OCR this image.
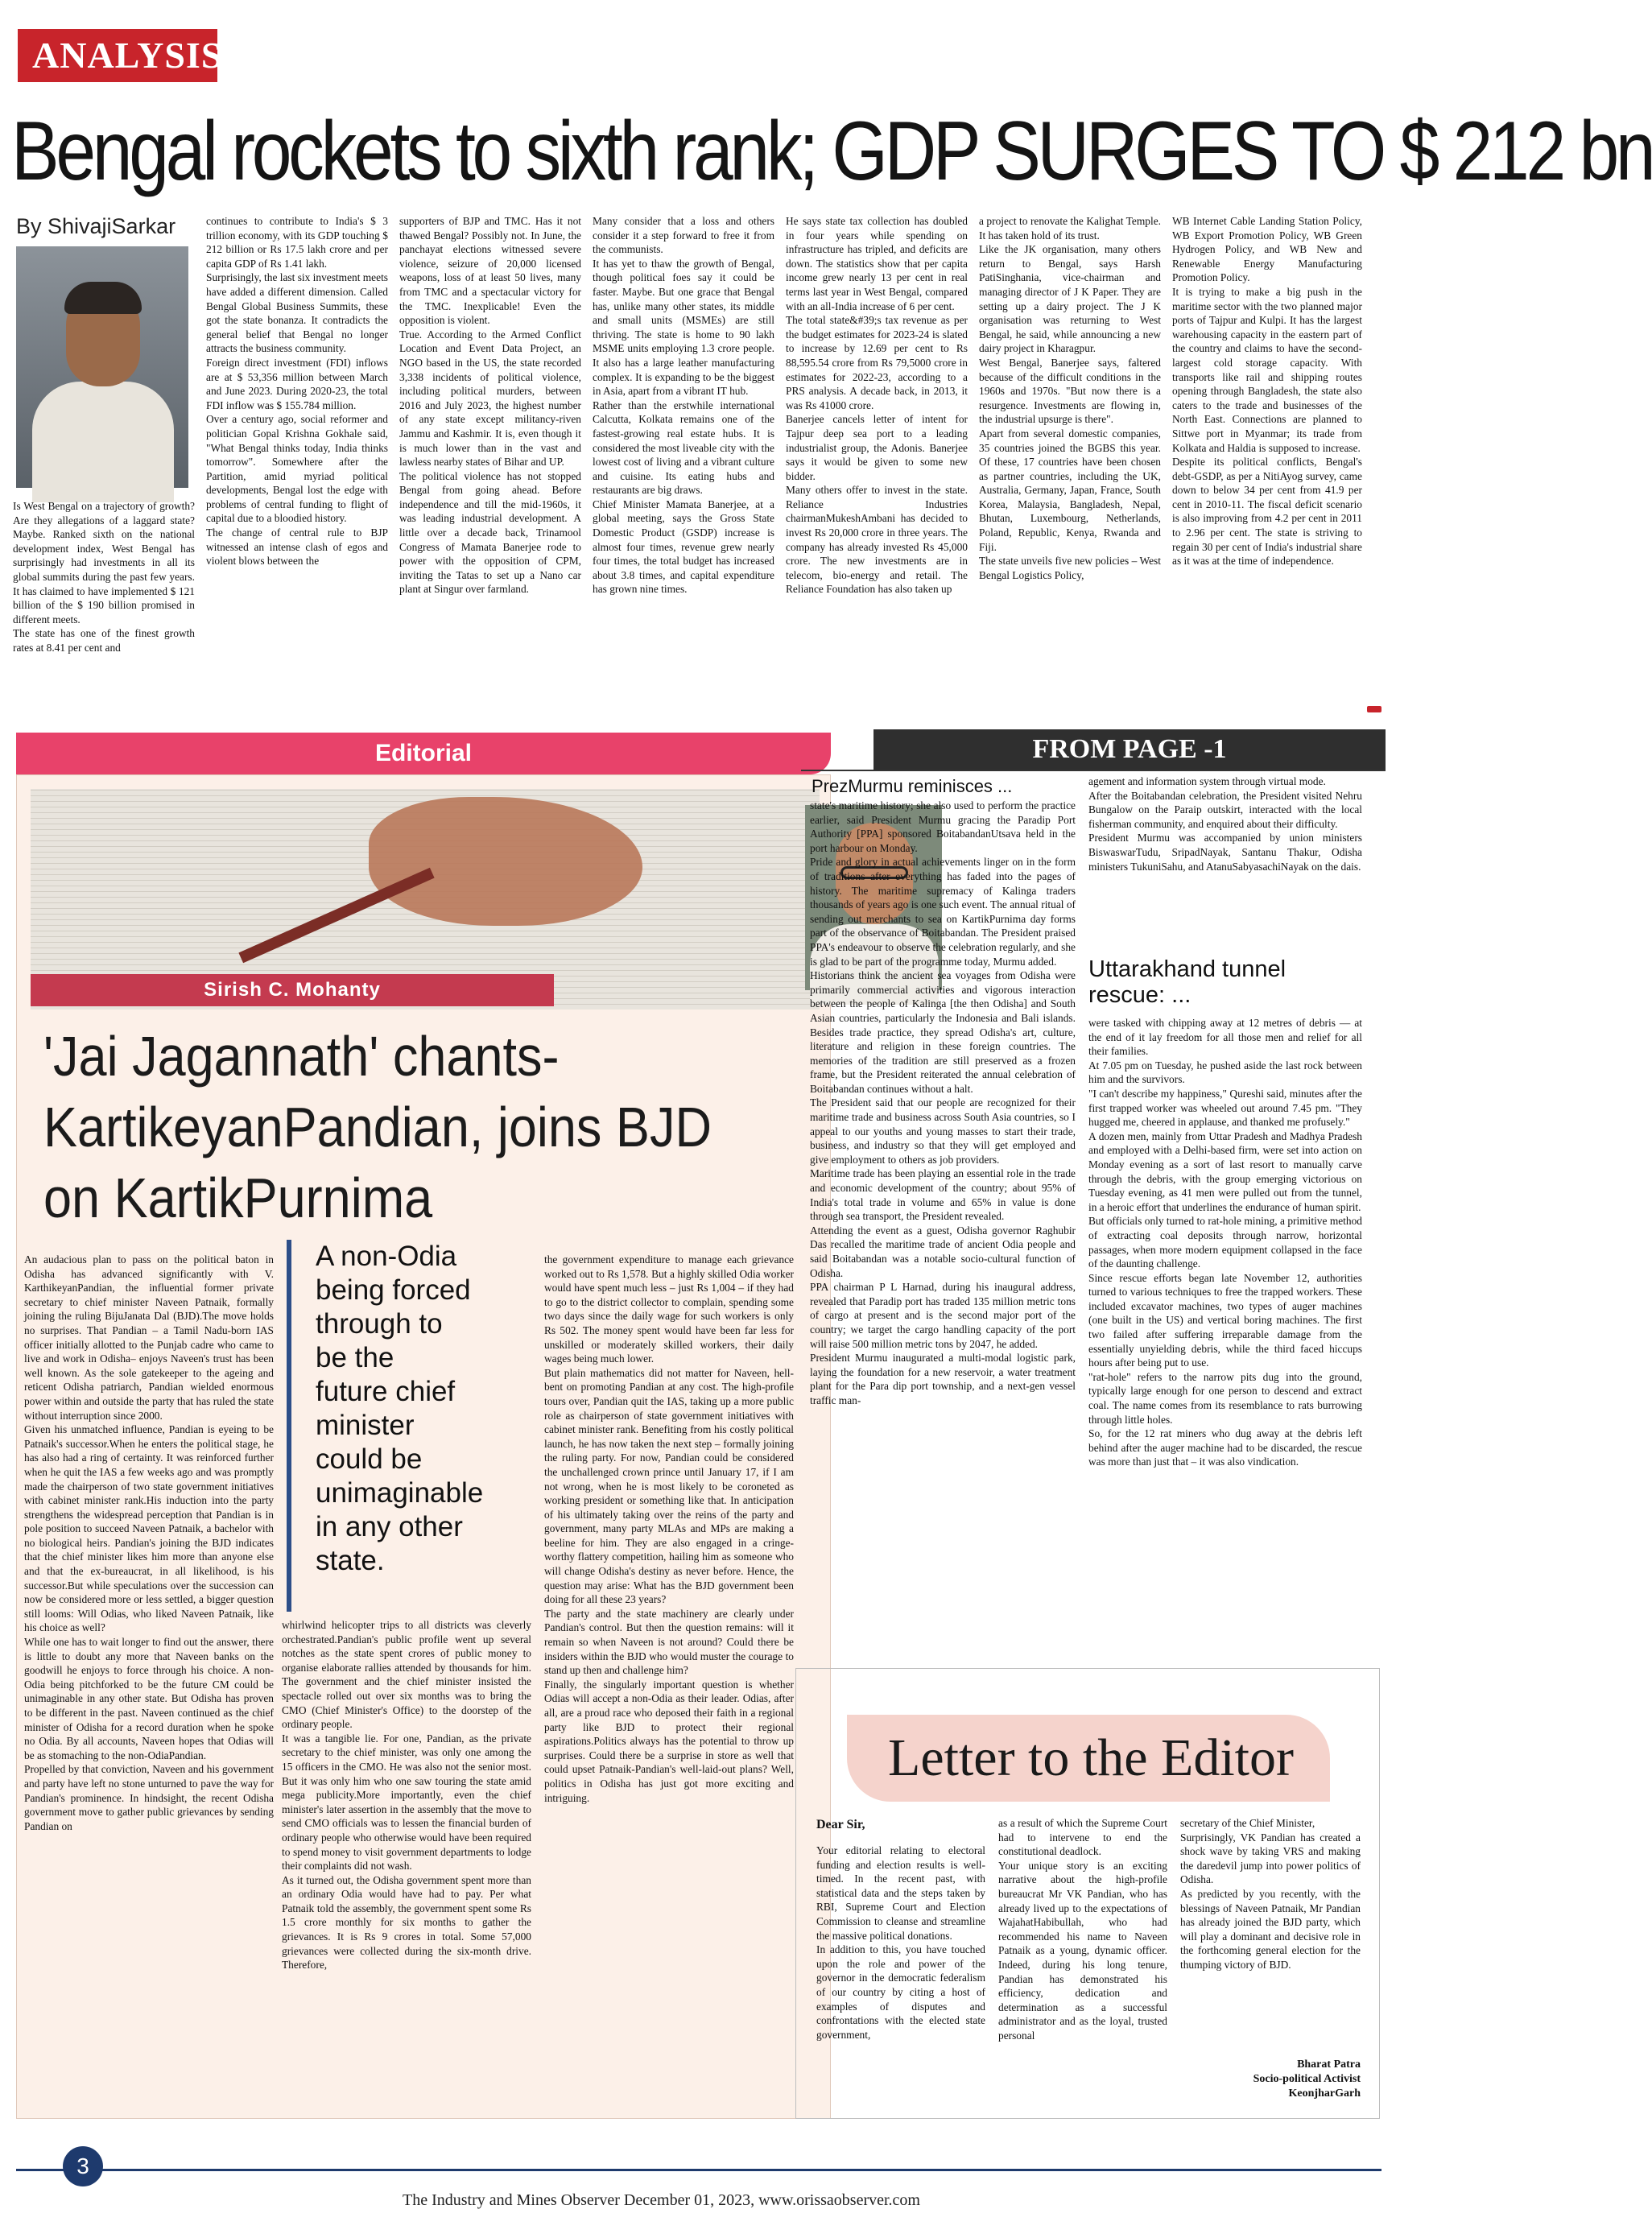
ANALYSIS
Bengal rockets to sixth rank; GDP SURGES TO $ 212 bn
By ShivajiSarkar

Is West Bengal on a trajectory of growth? Are they allegations of a laggard state? Maybe. Ranked sixth on the national development index, West Bengal has surprisingly had investments in all its global summits during the past few years. It has claimed to have implemented $ 121 billion of the $ 190 billion promised in different meets.
The state has one of the finest growth rates at 8.41 per cent and

continues to contribute to India's $ 3 trillion economy, with its GDP touching $ 212 billion or Rs 17.5 lakh crore and per capita GDP of Rs 1.41 lakh.
Surprisingly, the last six investment meets have added a different dimension. Called Bengal Global Business Summits, these got the state bonanza. It contradicts the general belief that Bengal no longer attracts the business community.
Foreign direct investment (FDI) inflows are at $ 53,356 million between March and June 2023. During 2020-23, the total FDI inflow was $ 155.784 million.
Over a century ago, social reformer and politician Gopal Krishna Gokhale said, "What Bengal thinks today, India thinks tomorrow". Somewhere after the Partition, amid myriad political developments, Bengal lost the edge with problems of central funding to flight of capital due to a bloodied history.
The change of central rule to BJP witnessed an intense clash of egos and violent blows between the

supporters of BJP and TMC. Has it not thawed Bengal? Possibly not. In June, the panchayat elections witnessed severe violence, seizure of 20,000 licensed weapons, loss of at least 50 lives, many from TMC and a spectacular victory for the TMC. Inexplicable! Even the opposition is violent.
True. According to the Armed Conflict Location and Event Data Project, an NGO based in the US, the state recorded 3,338 incidents of political violence, including political murders, between 2016 and July 2023, the highest number of any state except militancy-riven Jammu and Kashmir. It is, even though it is much lower than in the vast and lawless nearby states of Bihar and UP.
The political violence has not stopped Bengal from going ahead. Before independence and till the mid-1960s, it was leading industrial development. A little over a decade back, Trinamool Congress of Mamata Banerjee rode to power with the opposition of CPM, inviting the Tatas to set up a Nano car plant at Singur over farmland.

Many consider that a loss and others consider it a step forward to free it from the communists.
It has yet to thaw the growth of Bengal, though political foes say it could be faster. Maybe. But one grace that Bengal has, unlike many other states, its middle and small units (MSMEs) are still thriving. The state is home to 90 lakh MSME units employing 1.3 crore people. It also has a large leather manufacturing complex. It is expanding to be the biggest in Asia, apart from a vibrant IT hub.
Rather than the erstwhile international Calcutta, Kolkata remains one of the fastest-growing real estate hubs. It is considered the most liveable city with the lowest cost of living and a vibrant culture and cuisine. Its eating hubs and restaurants are big draws.
Chief Minister Mamata Banerjee, at a global meeting, says the Gross State Domestic Product (GSDP) increase is almost four times, revenue grew nearly four times, the total budget has increased about 3.8 times, and capital expenditure has grown nine times.

He says state tax collection has doubled in four years while spending on infrastructure has tripled, and deficits are down. The statistics show that per capita income grew nearly 13 per cent in real terms last year in West Bengal, compared with an all-India increase of 6 per cent.
The total state&#39;s tax revenue as per the budget estimates for 2023-24 is slated to increase by 12.69 per cent to Rs 88,595.54 crore from Rs 79,5000 crore in estimates for 2022-23, according to a PRS analysis. A decade back, in 2013, it was Rs 41000 crore.
Banerjee cancels letter of intent for Tajpur deep sea port to a leading industrialist group, the Adonis. Banerjee says it would be given to some new bidder.
Many others offer to invest in the state. Reliance Industries chairmanMukeshAmbani has decided to invest Rs 20,000 crore in three years. The company has already invested Rs 45,000 crore. The new investments are in telecom, bio-energy and retail. The Reliance Foundation has also taken up

a project to renovate the Kalighat Temple. It has taken hold of its trust.
Like the JK organisation, many others return to Bengal, says Harsh PatiSinghania, vice-chairman and managing director of J K Paper. They are setting up a dairy project. The J K organisation was returning to West Bengal, he said, while announcing a new dairy project in Kharagpur.
West Bengal, Banerjee says, faltered because of the difficult conditions in the 1960s and 1970s. "But now there is a resurgence. Investments are flowing in, the industrial upsurge is there".
Apart from several domestic companies, 35 countries joined the BGBS this year. Of these, 17 countries have been chosen as partner countries, including the UK, Australia, Germany, Japan, France, South Korea, Malaysia, Bangladesh, Nepal, Bhutan, Luxembourg, Netherlands, Poland, Republic, Kenya, Rwanda and Fiji.
The state unveils five new policies – West Bengal Logistics Policy,

WB Internet Cable Landing Station Policy, WB Export Promotion Policy, WB Green Hydrogen Policy, and WB New and Renewable Energy Manufacturing Promotion Policy.
It is trying to make a big push in the maritime sector with the two planned major ports of Tajpur and Kulpi. It has the largest warehousing capacity in the eastern part of the country and claims to have the second-largest cold storage capacity. With transports like rail and shipping routes opening through Bangladesh, the state also caters to the trade and businesses of the North East. Connections are planned to Sittwe port in Myanmar; its trade from Kolkata and Haldia is supposed to increase.
Despite its political conflicts, Bengal's debt-GSDP, as per a NitiAyog survey, came down to below 34 per cent from 41.9 per cent in 2010-11. The fiscal deficit scenario is also improving from 4.2 per cent in 2011 to 2.96 per cent. The state is striving to regain 30 per cent of India's industrial share as it was at the time of independence.

Editorial
Sirish C. Mohanty
'Jai Jagannath' chants- KartikeyanPandian, joins BJD on KartikPurnima

An audacious plan to pass on the political baton in Odisha has advanced significantly with V. KarthikeyanPandian, the influential former private secretary to chief minister Naveen Patnaik, formally joining the ruling BijuJanata Dal (BJD).The move holds no surprises. That Pandian – a Tamil Nadu-born IAS officer initially allotted to the Punjab cadre who came to live and work in Odisha– enjoys Naveen's trust has been well known. As the sole gatekeeper to the ageing and reticent Odisha patriarch, Pandian wielded enormous power within and outside the party that has ruled the state without interruption since 2000.
Given his unmatched influence, Pandian is eyeing to be Patnaik's successor.When he enters the political stage, he has also had a ring of certainty. It was reinforced further when he quit the IAS a few weeks ago and was promptly made the chairperson of two state government initiatives with cabinet minister rank.His induction into the party strengthens the widespread perception that Pandian is in pole position to succeed Naveen Patnaik, a bachelor with no biological heirs. Pandian's joining the BJD indicates that the chief minister likes him more than anyone else and that the ex-bureaucrat, in all likelihood, is his successor.But while speculations over the succession can now be considered more or less settled, a bigger question still looms: Will Odias, who liked Naveen Patnaik, like his choice as well?
While one has to wait longer to find out the answer, there is little to doubt any more that Naveen banks on the goodwill he enjoys to force through his choice. A non-Odia being pitchforked to be the future CM could be unimaginable in any other state. But Odisha has proven to be different in the past. Naveen continued as the chief minister of Odisha for a record duration when he spoke no Odia. By all accounts, Naveen hopes that Odias will be as stomaching to the non-OdiaPandian.
Propelled by that conviction, Naveen and his government and party have left no stone unturned to pave the way for Pandian's prominence. In hindsight, the recent Odisha government move to gather public grievances by sending Pandian on

A non-Odia being forced through to be the future chief minister could be unimaginable in any other state.

whirlwind helicopter trips to all districts was cleverly orchestrated.Pandian's public profile went up several notches as the state spent crores of public money to organise elaborate rallies attended by thousands for him. The government and the chief minister insisted the spectacle rolled out over six months was to bring the CMO (Chief Minister's Office) to the doorstep of the ordinary people.
It was a tangible lie. For one, Pandian, as the private secretary to the chief minister, was only one among the 15 officers in the CMO. He was also not the senior most. But it was only him who one saw touring the state amid mega publicity.More importantly, even the chief minister's later assertion in the assembly that the move to send CMO officials was to lessen the financial burden of ordinary people who otherwise would have been required to spend money to visit government departments to lodge their complaints did not wash.
As it turned out, the Odisha government spent more than an ordinary Odia would have had to pay. Per what Patnaik told the assembly, the government spent some Rs 1.5 crore monthly for six months to gather the grievances. It is Rs 9 crores in total. Some 57,000 grievances were collected during the six-month drive. Therefore,

the government expenditure to manage each grievance worked out to Rs 1,578. But a highly skilled Odia worker would have spent much less – just Rs 1,004 – if they had to go to the district collector to complain, spending some two days since the daily wage for such workers is only Rs 502. The money spent would have been far less for unskilled or moderately skilled workers, their daily wages being much lower.
But plain mathematics did not matter for Naveen, hell-bent on promoting Pandian at any cost. The high-profile tours over, Pandian quit the IAS, taking up a more public role as chairperson of state government initiatives with cabinet minister rank. Benefiting from his costly political launch, he has now taken the next step – formally joining the ruling party. For now, Pandian could be considered the unchallenged crown prince until January 17, if I am not wrong, when he is most likely to be coroneted as working president or something like that. In anticipation of his ultimately taking over the reins of the party and government, many party MLAs and MPs are making a beeline for him. They are also engaged in a cringe-worthy flattery competition, hailing him as someone who will change Odisha's destiny as never before. Hence, the question may arise: What has the BJD government been doing for all these 23 years?
The party and the state machinery are clearly under Pandian's control. But then the question remains: will it remain so when Naveen is not around? Could there be insiders within the BJD who would muster the courage to stand up then and challenge him?
Finally, the singularly important question is whether Odias will accept a non-Odia as their leader. Odias, after all, are a proud race who deposed their faith in a regional party like BJD to protect their regional aspirations.Politics always has the potential to throw up surprises. Could there be a surprise in store as well that could upset Patnaik-Pandian's well-laid-out plans? Well, politics in Odisha has just got more exciting and intriguing.

FROM PAGE -1
PrezMurmu reminisces ...

state's maritime history; she also used to perform the practice earlier, said President Murmu gracing the Paradip Port Authority [PPA] sponsored BoitabandanUtsava held in the port harbour on Monday.
Pride and glory in actual achievements linger on in the form of traditions after everything has faded into the pages of history. The maritime supremacy of Kalinga traders thousands of years ago is one such event. The annual ritual of sending out merchants to sea on KartikPurnima day forms part of the observance of Boitabandan. The President praised PPA's endeavour to observe the celebration regularly, and she is glad to be part of the programme today, Murmu added.
Historians think the ancient sea voyages from Odisha were primarily commercial activities and vigorous interaction between the people of Kalinga [the then Odisha] and South Asian countries, particularly the Indonesia and Bali islands. Besides trade practice, they spread Odisha's art, culture, literature and religion in these foreign countries. The memories of the tradition are still preserved as a frozen frame, but the President reiterated the annual celebration of Boitabandan continues without a halt.
The President said that our people are recognized for their maritime trade and business across South Asia countries, so I appeal to our youths and young masses to start their trade, business, and industry so that they will get employed and give employment to others as job providers.
Maritime trade has been playing an essential role in the trade and economic development of the country; about 95% of India's total trade in volume and 65% in value is done through sea transport, the President revealed.
Attending the event as a guest, Odisha governor Raghubir Das recalled the maritime trade of ancient Odia people and said Boitabandan was a notable socio-cultural function of Odisha.
PPA chairman P L Harnad, during his inaugural address, revealed that Paradip port has traded 135 million metric tons of cargo at present and is the second major port of the country; we target the cargo handling capacity of the port will raise 500 million metric tons by 2047, he added.
President Murmu inaugurated a multi-modal logistic park, laying the foundation for a new reservoir, a water treatment plant for the Para dip port township, and a next-gen vessel traffic man-

agement and information system through virtual mode.
After the Boitabandan celebration, the President visited Nehru Bungalow on the Paraip outskirt, interacted with the local fisherman community, and enquired about their difficulty.
President Murmu was accompanied by union ministers BiswaswarTudu, SripadNayak, Santanu Thakur, Odisha ministers TukuniSahu, and AtanuSabyasachiNayak on the dais.

Uttarakhand tunnel rescue: ...

were tasked with chipping away at 12 metres of debris — at the end of it lay freedom for all those men and relief for all their families.
At 7.05 pm on Tuesday, he pushed aside the last rock between him and the survivors.
"I can't describe my happiness," Qureshi said, minutes after the first trapped worker was wheeled out around 7.45 pm. "They hugged me, cheered in applause, and thanked me profusely."
A dozen men, mainly from Uttar Pradesh and Madhya Pradesh and employed with a Delhi-based firm, were set into action on Monday evening as a sort of last resort to manually carve through the debris, with the group emerging victorious on Tuesday evening, as 41 men were pulled out from the tunnel, in a heroic effort that underlines the endurance of human spirit.
But officials only turned to rat-hole mining, a primitive method of extracting coal deposits through narrow, horizontal passages, when more modern equipment collapsed in the face of the daunting challenge.
Since rescue efforts began late November 12, authorities turned to various techniques to free the trapped workers. These included excavator machines, two types of auger machines (one built in the US) and vertical boring machines. The first two failed after suffering irreparable damage from the essentially unyielding debris, while the third faced hiccups hours after being put to use.
"rat-hole" refers to the narrow pits dug into the ground, typically large enough for one person to descend and extract coal. The name comes from its resemblance to rats burrowing through little holes.
So, for the 12 rat miners who dug away at the debris left behind after the auger machine had to be discarded, the rescue was more than just that – it was also vindication.

Letter to the Editor
Dear Sir,

Your editorial relating to electoral funding and election results is well-timed. In the recent past, with statistical data and the steps taken by RBI, Supreme Court and Election Commission to cleanse and streamline the massive political donations.
In addition to this, you have touched upon the role and power of the governor in the democratic federalism of our country by citing a host of examples of disputes and confrontations with the elected state government,

as a result of which the Supreme Court had to intervene to end the constitutional deadlock.
Your unique story is an exciting narrative about the high-profile bureaucrat Mr VK Pandian, who has already lived up to the expectations of WajahatHabibullah, who had recommended his name to Naveen Patnaik as a young, dynamic officer. Indeed, during his long tenure, Pandian has demonstrated his efficiency, dedication and determination as a successful administrator and as the loyal, trusted personal

secretary of the Chief Minister,
Surprisingly, VK Pandian has created a shock wave by taking VRS and making the daredevil jump into power politics of Odisha.
As predicted by you recently, with the blessings of Naveen Patnaik, Mr Pandian has already joined the BJD party, which will play a dominant and decisive role in the forthcoming general election for the thumping victory of BJD.

Bharat Patra
Socio-political Activist
KeonjharGarh
3
The Industry and Mines Observer December 01, 2023, www.orissaobserver.com
